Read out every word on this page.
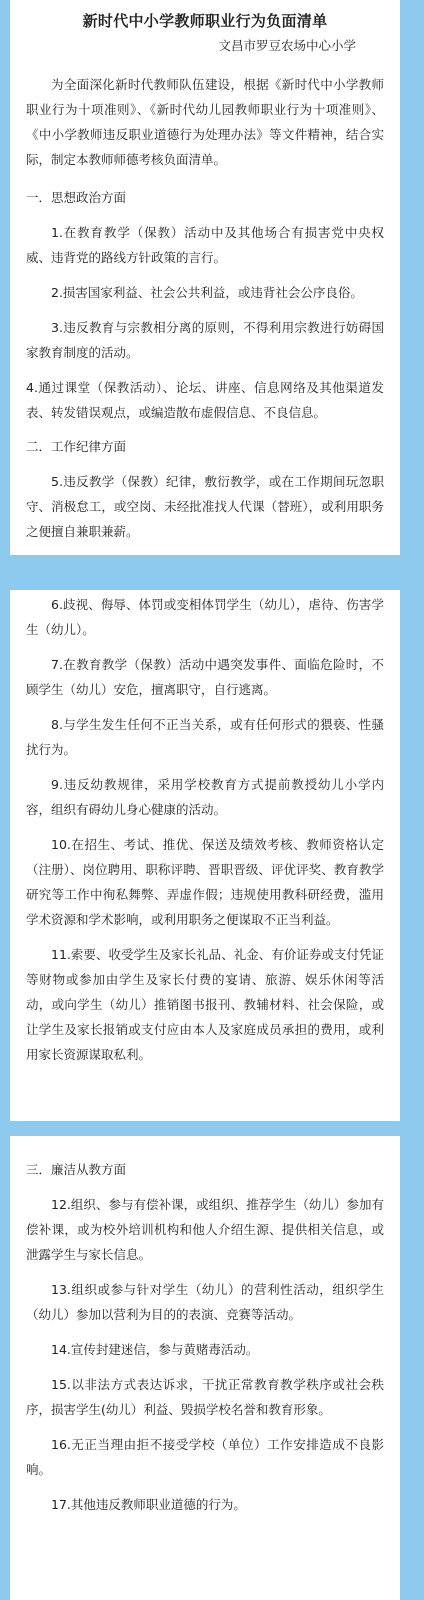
新时代中小学教师职业行为负面清单
文昌市罗豆农场中心小学

为全面深化新时代教师队伍建设，根据《新时代中小学教师职业行为十项准则》、《新时代幼儿园教师职业行为十项准则》、《中小学教师违反职业道德行为处理办法》等文件精神，结合实际，制定本教师师德考核负面清单。

一．思想政治方面

1.在教育教学（保教）活动中及其他场合有损害党中央权威、违背党的路线方针政策的言行。

2.损害国家利益、社会公共利益，或违背社会公序良俗。

3.违反教育与宗教相分离的原则，不得利用宗教进行妨碍国家教育制度的活动。

4.通过课堂（保教活动）、论坛、讲座、信息网络及其他渠道发表、转发错误观点，或编造散布虚假信息、不良信息。

二．工作纪律方面

5.违反教学（保教）纪律，敷衍教学，或在工作期间玩忽职守、消极怠工，或空岗、未经批准找人代课（替班），或利用职务之便擅自兼职兼薪。

6.歧视、侮辱、体罚或变相体罚学生（幼儿），虐待、伤害学生（幼儿）。

7.在教育教学（保教）活动中遇突发事件、面临危险时，不顾学生（幼儿）安危，擅离职守，自行逃离。

8.与学生发生任何不正当关系，或有任何形式的猥亵、性骚扰行为。

9.违反幼教规律，采用学校教育方式提前教授幼儿小学内容，组织有碍幼儿身心健康的活动。

10.在招生、考试、推优、保送及绩效考核、教师资格认定（注册）、岗位聘用、职称评聘、晋职晋级、评优评奖、教育教学研究等工作中徇私舞弊、弄虚作假；违规使用教科研经费，滥用学术资源和学术影响，或利用职务之便谋取不正当利益。

11.索要、收受学生及家长礼品、礼金、有价证券或支付凭证等财物或参加由学生及家长付费的宴请、旅游、娱乐休闲等活动，或向学生（幼儿）推销图书报刊、教辅材料、社会保险，或让学生及家长报销或支付应由本人及家庭成员承担的费用，或利用家长资源谋取私利。

三．廉洁从教方面

12.组织、参与有偿补课，或组织、推荐学生（幼儿）参加有偿补课，或为校外培训机构和他人介绍生源、提供相关信息，或泄露学生与家长信息。

13.组织或参与针对学生（幼儿）的营利性活动，组织学生（幼儿）参加以营利为目的的表演、竞赛等活动。

14.宣传封建迷信，参与黄赌毒活动。

15.以非法方式表达诉求，干扰正常教育教学秩序或社会秩序，损害学生(幼儿）利益、毁损学校名誉和教育形象。

16.无正当理由拒不接受学校（单位）工作安排造成不良影响。

17.其他违反教师职业道德的行为。
